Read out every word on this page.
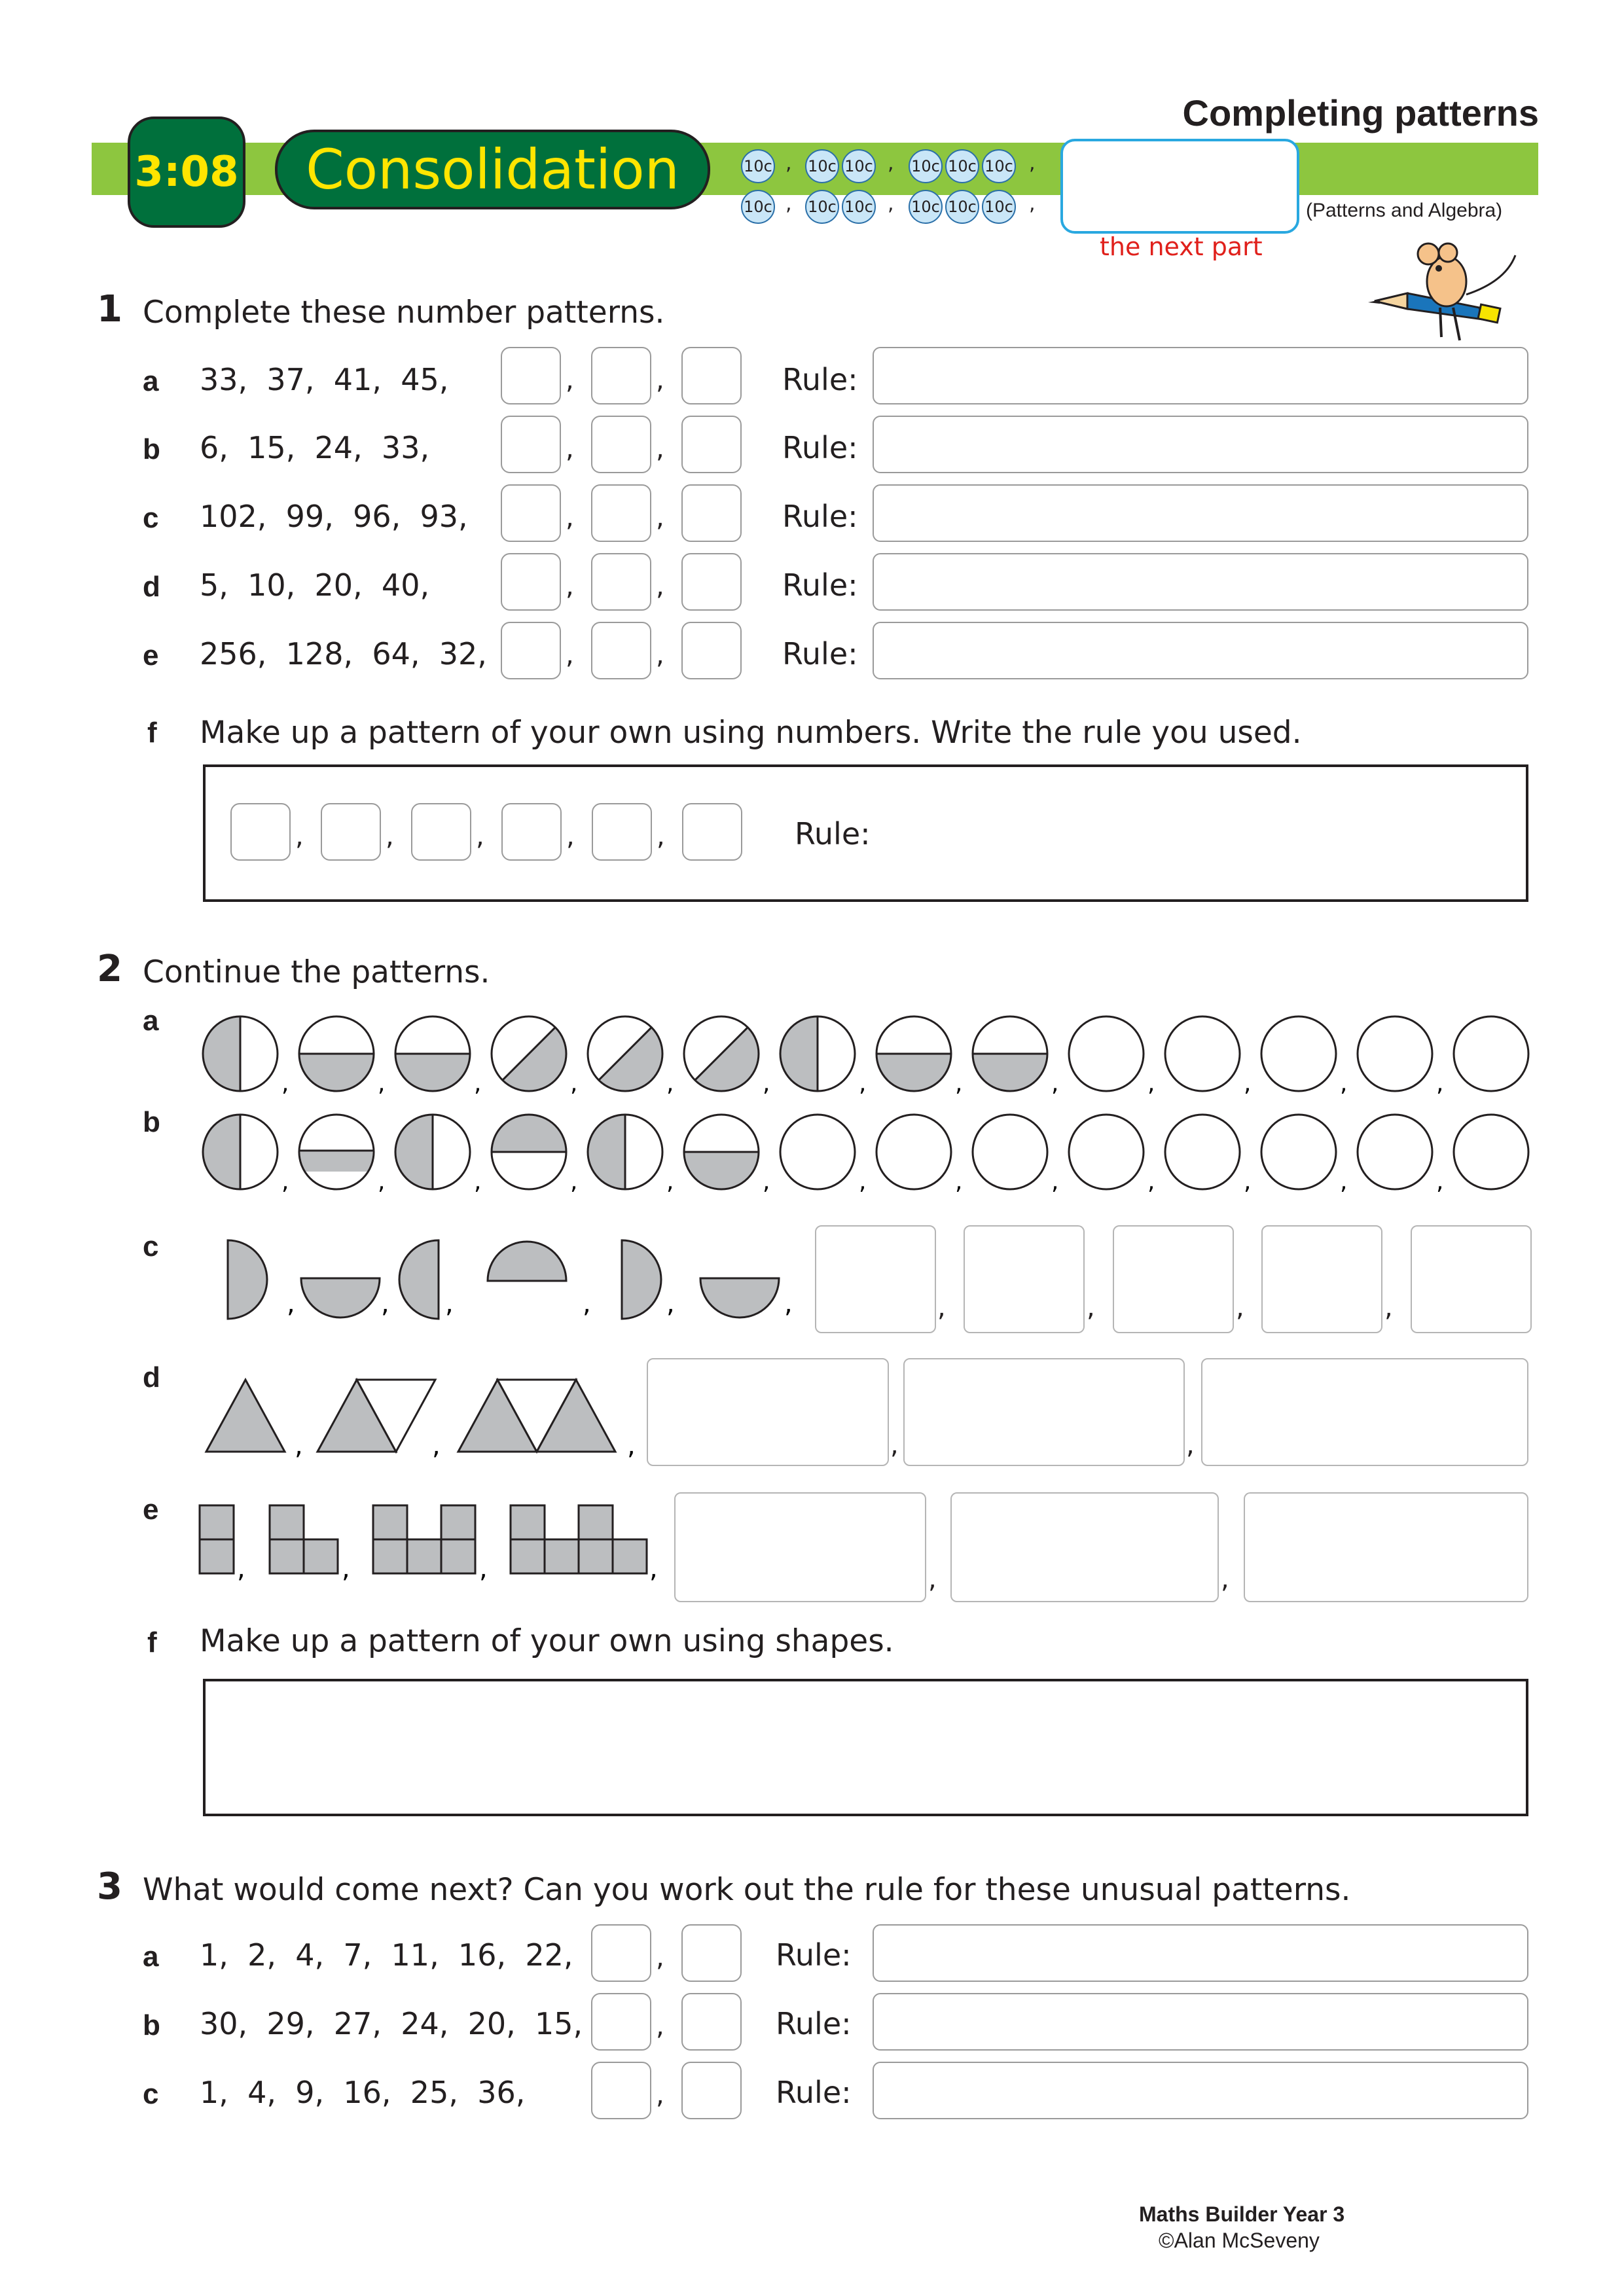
Completing patterns
3:08	Consolidation	10c , 10c 10c , 10c 10c 10c ,
10c , 10c 10c , 10c 10c 10c ,
the next part
(Patterns and Algebra)
1 Complete these number patterns.
a 33,  37,  41,  45,	,	,	Rule:
b 6,  15,  24,  33,	,	,	Rule:
c 102,  99,  96,  93,	,	,	Rule:
d 5,  10,  20,  40,	,	,	Rule:
e 256,  128,  64,  32,	,	,	Rule:
f Make up a pattern of your own using numbers. Write the rule you used.
,	,	,	,	,	Rule:
2 Continue the patterns.
a
b
c
d
e
,	,	,	,	,	,	,	,	,	,	,	,	,
,	,	,	,	,	,	,	,	,	,	,	,	,
,	, ,	,	,	,	,	,	,	,
,	,	,	,	,
,	,	,	,	,	,
f Make up a pattern of your own using shapes.
3 What would come next? Can you work out the rule for these unusual patterns.
a 1,  2,  4,  7,  11,  16,  22,	,	Rule:
b 30,  29,  27,  24,  20,  15,	,	Rule:
c 1,  4,  9,  16,  25,  36,	,	Rule:
Maths Builder Year 3
©Alan McSeveny
